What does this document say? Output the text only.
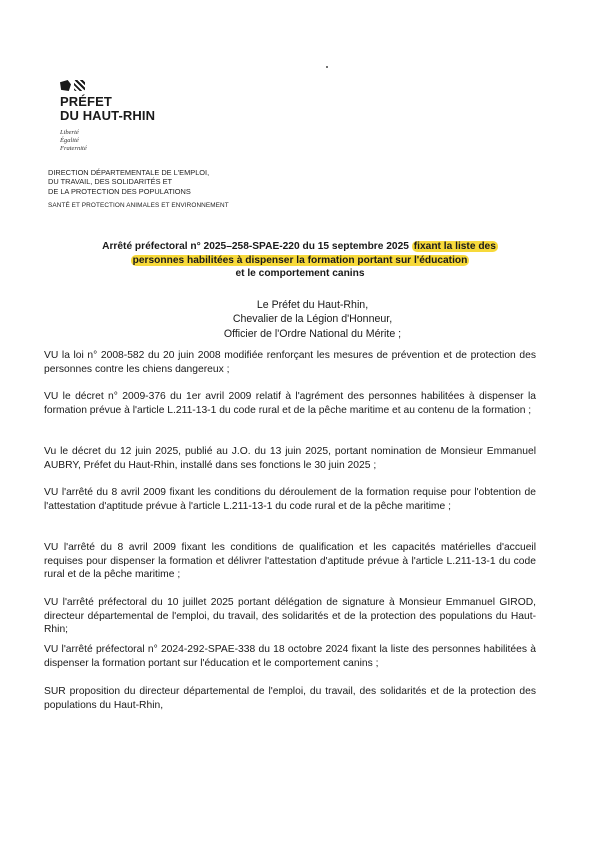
PRÉFET
DU HAUT-RHIN
Liberté
Égalité
Fraternité
DIRECTION DÉPARTEMENTALE DE L'EMPLOI,
DU TRAVAIL, DES SOLIDARITÉS ET
DE LA PROTECTION DES POPULATIONS
SANTÉ ET PROTECTION ANIMALES ET ENVIRONNEMENT
Arrêté préfectoral n° 2025–258-SPAE-220 du 15 septembre 2025 fixant la liste des
personnes habilitées à dispenser la formation portant sur l'éducation
et le comportement canins
Le Préfet du Haut-Rhin,
Chevalier de la Légion d'Honneur,
Officier de l'Ordre National du Mérite ;

VU la loi n° 2008-582 du 20 juin 2008 modifiée renforçant les mesures de prévention et de protection des personnes contre les chiens dangereux ;

VU le décret n° 2009-376 du 1er avril 2009 relatif à l'agrément des personnes habilitées à dispenser la formation prévue à l'article L.211-13-1 du code rural et de la pêche maritime et au contenu de la formation ;

Vu le décret du 12 juin 2025, publié au J.O. du 13 juin 2025, portant nomination de Monsieur Emmanuel AUBRY, Préfet du Haut-Rhin, installé dans ses fonctions le 30 juin 2025 ;

VU l'arrêté du 8 avril 2009 fixant les conditions du déroulement de la formation requise pour l'obtention de l'attestation d'aptitude prévue à l'article L.211-13-1 du code rural et de la pêche maritime ;

VU l'arrêté du 8 avril 2009 fixant les conditions de qualification et les capacités matérielles d'accueil requises pour dispenser la formation et délivrer l'attestation d'aptitude prévue à l'article L.211-13-1 du code rural et de la pêche maritime ;

VU l'arrêté préfectoral du 10 juillet 2025 portant délégation de signature à Monsieur Emmanuel GIROD, directeur départemental de l'emploi, du travail, des solidarités et de la protection des populations du Haut-Rhin;

VU l'arrêté préfectoral n° 2024-292-SPAE-338 du 18 octobre 2024 fixant la liste des personnes habilitées à dispenser la formation portant sur l'éducation et le comportement canins ;

SUR proposition du directeur départemental de l'emploi, du travail, des solidarités et de la protection des populations du Haut-Rhin,
